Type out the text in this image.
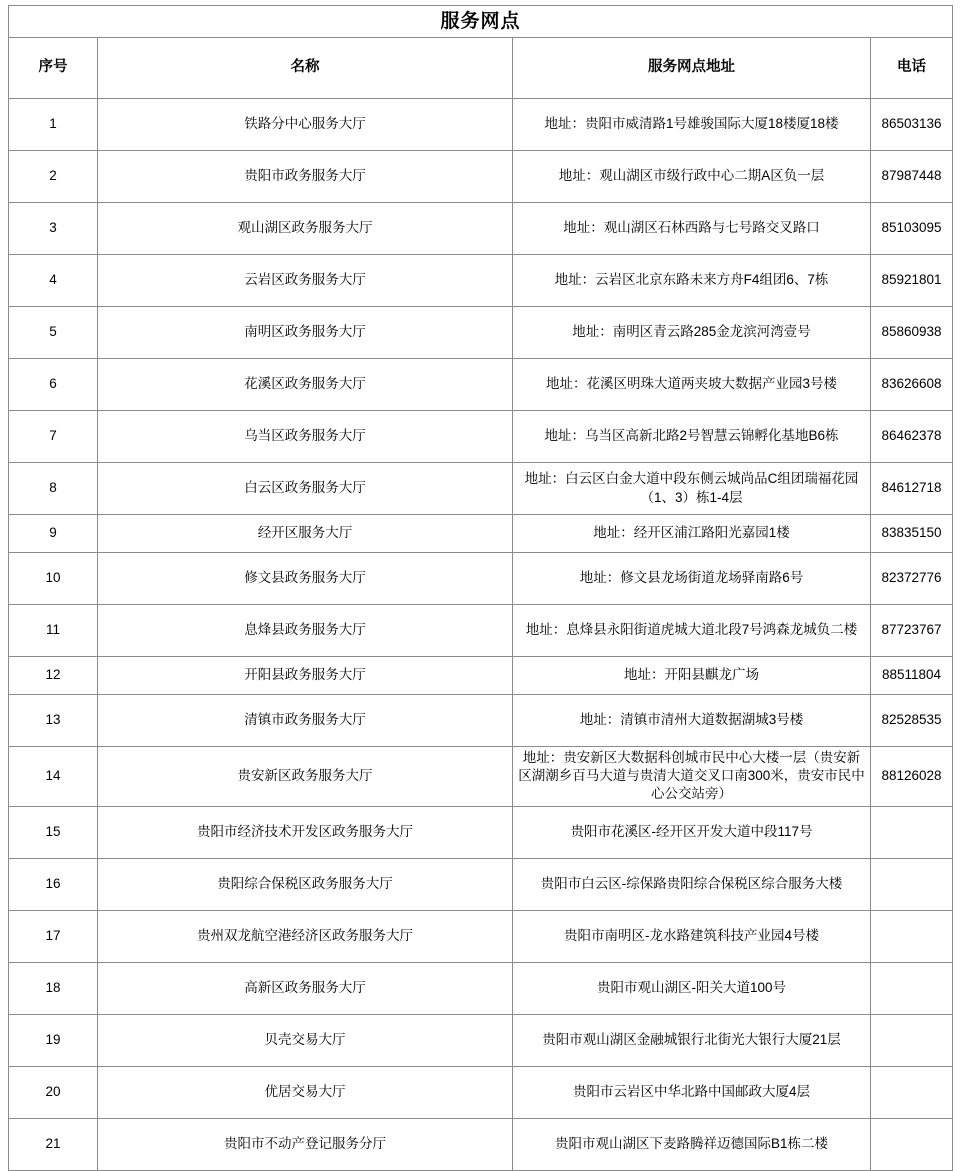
服务网点			
序号	名称	服务网点地址	电话
1	铁路分中心服务大厅	地址：贵阳市威清路1号雄骏国际大厦18楼厦18楼	86503136
2	贵阳市政务服务大厅	地址：观山湖区市级行政中心二期A区负一层	87987448
3	观山湖区政务服务大厅	地址：观山湖区石林西路与七号路交叉路口	85103095
4	云岩区政务服务大厅	地址：云岩区北京东路未来方舟F4组团6、7栋	85921801
5	南明区政务服务大厅	地址：南明区青云路285金龙滨河湾壹号	85860938
6	花溪区政务服务大厅	地址：花溪区明珠大道两夹坡大数据产业园3号楼	83626608
7	乌当区政务服务大厅	地址：乌当区高新北路2号智慧云锦孵化基地B6栋	86462378
8	白云区政务服务大厅	地址：白云区白金大道中段东侧云城尚品C组团瑞福花园（1、3）栋1-4层	84612718
9	经开区服务大厅	地址：经开区浦江路阳光嘉园1楼	83835150
10	修文县政务服务大厅	地址：修文县龙场街道龙场驿南路6号	82372776
11	息烽县政务服务大厅	地址：息烽县永阳街道虎城大道北段7号鸿森龙城负二楼	87723767
12	开阳县政务服务大厅	地址：开阳县麒龙广场	88511804
13	清镇市政务服务大厅	地址：清镇市清州大道数据湖城3号楼	82528535
14	贵安新区政务服务大厅	地址：贵安新区大数据科创城市民中心大楼一层（贵安新区湖潮乡百马大道与贵清大道交叉口南300米，贵安市民中心公交站旁）	88126028
15	贵阳市经济技术开发区政务服务大厅	贵阳市花溪区-经开区开发大道中段117号	
16	贵阳综合保税区政务服务大厅	贵阳市白云区-综保路贵阳综合保税区综合服务大楼	
17	贵州双龙航空港经济区政务服务大厅	贵阳市南明区-龙水路建筑科技产业园4号楼	
18	高新区政务服务大厅	贵阳市观山湖区-阳关大道100号	
19	贝壳交易大厅	贵阳市观山湖区金融城银行北街光大银行大厦21层	
20	优居交易大厅	贵阳市云岩区中华北路中国邮政大厦4层	
21	贵阳市不动产登记服务分厅	贵阳市观山湖区下麦路腾祥迈德国际B1栋二楼	
